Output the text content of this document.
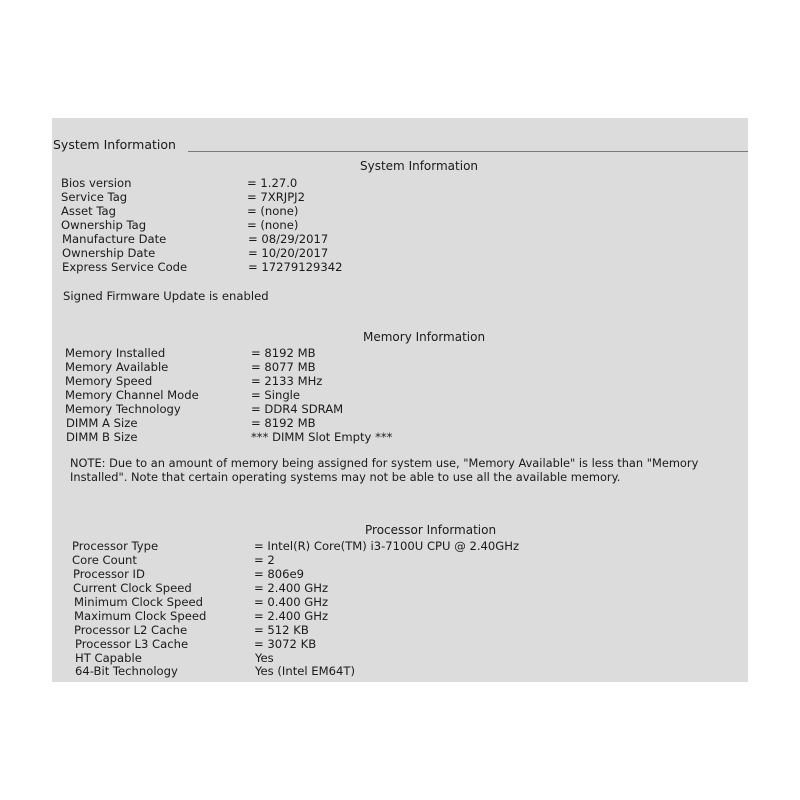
System Information
System Information
Bios version	= 1.27.0
Service Tag	= 7XRJPJ2
Asset Tag	= (none)
Ownership Tag	= (none)
Manufacture Date	= 08/29/2017
Ownership Date	= 10/20/2017
Express Service Code	= 17279129342
Signed Firmware Update is enabled
Memory Information
Memory Installed	= 8192 MB
Memory Available	= 8077 MB
Memory Speed	= 2133 MHz
Memory Channel Mode	= Single
Memory Technology	= DDR4 SDRAM
DIMM A Size	= 8192 MB
DIMM B Size	*** DIMM Slot Empty ***
NOTE: Due to an amount of memory being assigned for system use, "Memory Available" is less than "Memory Installed". Note that certain operating systems may not be able to use all the available memory.
Processor Information
Processor Type	= Intel(R) Core(TM) i3-7100U CPU @ 2.40GHz
Core Count	= 2
Processor ID	= 806e9
Current Clock Speed	= 2.400 GHz
Minimum Clock Speed	= 0.400 GHz
Maximum Clock Speed	= 2.400 GHz
Processor L2 Cache	= 512 KB
Processor L3 Cache	= 3072 KB
HT Capable	Yes
64-Bit Technology	Yes (Intel EM64T)
